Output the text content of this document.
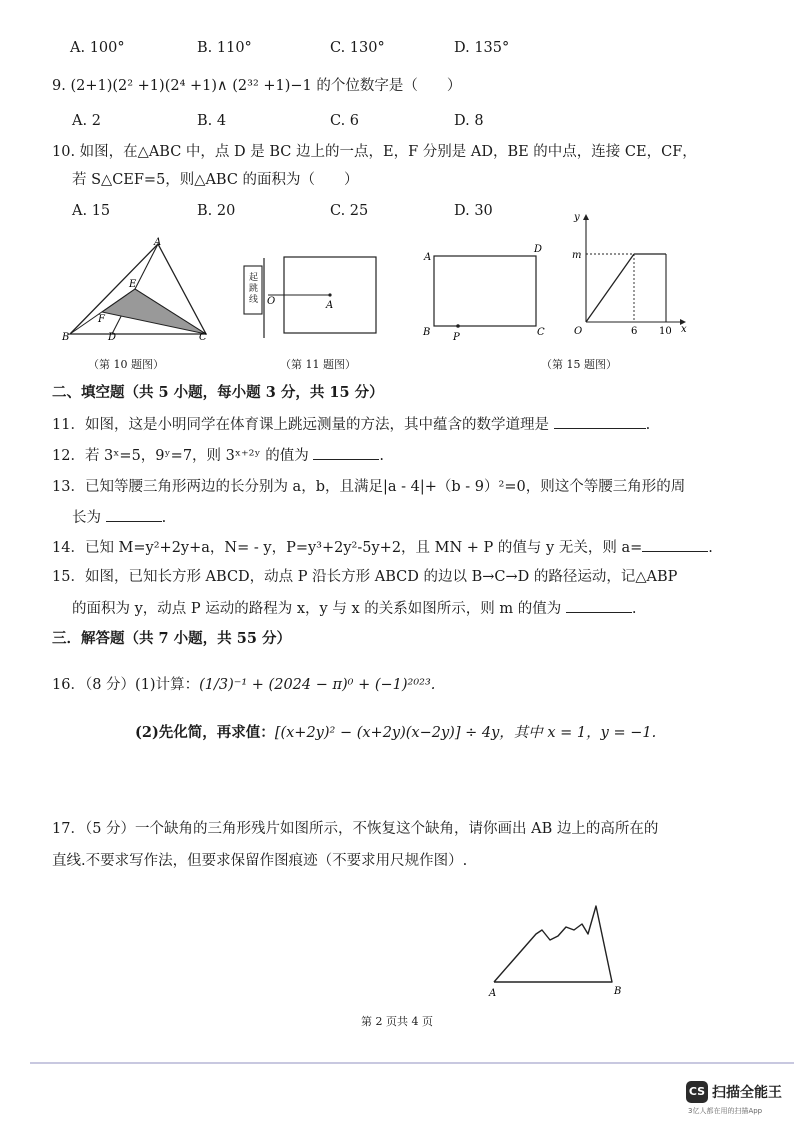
A. 100°	B. 110°	C. 130°	D. 135°
9. (2+1)(2² +1)(2⁴ +1)∧ (2³² +1)−1 的个位数字是（　　）
A. 2	B. 4	C. 6	D. 8
10. 如图，在△ABC 中，点 D 是 BC 边上的一点，E，F 分别是 AD，BE 的中点，连接 CE，CF，
若 S△CEF=5，则△ABC 的面积为（　　）
A. 15	B. 20	C. 25	D. 30
A
B	C
D
E
F
（第 10 题图）
O	A
起跳线
（第 11 题图）
A
D
B	C
P
y
x
m
O	6 10
（第 15 题图）
二、填空题（共 5 小题，每小题 3 分，共 15 分）
11．如图，这是小明同学在体育课上跳远测量的方法，其中蕴含的数学道理是	.
12．若 3ˣ=5，9ʸ=7，则 3ˣ⁺²ʸ 的值为	.
13．已知等腰三角形两边的长分别为 a，b，且满足|a - 4|+（b - 9）²=0，则这个等腰三角形的周
长为	.
14．已知 M=y²+2y+a，N= - y，P=y³+2y²-5y+2，且 MN + P 的值与 y 无关，则 a=	.
15．如图，已知长方形 ABCD，动点 P 沿长方形 ABCD 的边以 B→C→D 的路径运动，记△ABP
的面积为 y，动点 P 运动的路程为 x，y 与 x 的关系如图所示，则 m 的值为	.
三．解答题（共 7 小题，共 55 分）
16．（8 分）(1)计算：(1/3)⁻¹ + (2024 − π)⁰ + (−1)²⁰²³.
(2)先化简，再求值：[(x+2y)² − (x+2y)(x−2y)] ÷ 4y，其中 x = 1，y = −1.
17．（5 分）一个缺角的三角形残片如图所示，不恢复这个缺角，请你画出 AB 边上的高所在的
直线.不要求写作法，但要求保留作图痕迹（不要求用尺规作图）.
A	B
第 2 页共 4 页
CS 扫描全能王
3亿人都在用的扫描App
